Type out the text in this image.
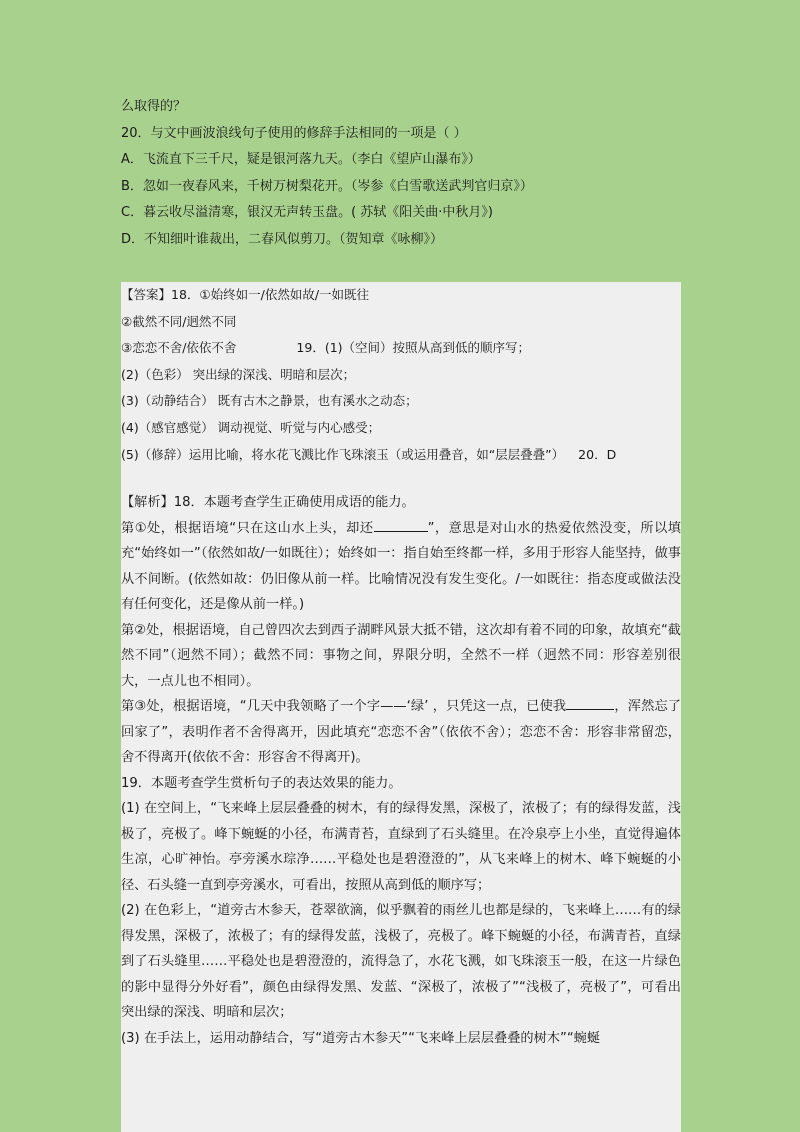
么取得的？

20．与文中画波浪线句子使用的修辞手法相同的一项是（ ）

A．飞流直下三千尺，疑是银河落九天。（李白《望庐山瀑布》）

B．忽如一夜春风来，千树万树梨花开。（岑参《白雪歌送武判官归京》）

C．暮云收尽溢清寒，银汉无声转玉盘。( 苏轼《阳关曲·中秋月》)

D．不知细叶谁裁出，二春风似剪刀。（贺知章《咏柳》）

【答案】18．①始终如一/依然如故/一如既往

②截然不同/迥然不同

③恋恋不舍/依依不舍	19．(1)（空间）按照从高到低的顺序写；

(2)（色彩） 突出绿的深浅、明暗和层次；

(3)（动静结合） 既有古木之静景，也有溪水之动态；

(4)（感官感觉） 调动视觉、听觉与内心感受；

(5)（修辞）运用比喻，将水花飞溅比作飞珠滚玉（或运用叠音，如“层层叠叠”） 20．D

【解析】18．本题考查学生正确使用成语的能力。

第①处，根据语境“只在这山水上头，却还	”，意思是对山水的热爱依然没变，所以填充“始终如一”（依然如故/一如既往）；始终如一：指自始至终都一样，多用于形容人能坚持，做事从不间断。(依然如故：仍旧像从前一样。比喻情况没有发生变化。/一如既往：指态度或做法没有任何变化，还是像从前一样。)

第②处，根据语境，自己曾四次去到西子湖畔风景大抵不错，这次却有着不同的印象，故填充“截然不同”（迥然不同）；截然不同：事物之间，界限分明，全然不一样（迥然不同：形容差别很大，一点儿也不相同）。

第③处，根据语境，“几天中我领略了一个字——‘绿’ ，只凭这一点，已使我	，浑然忘了回家了”，表明作者不舍得离开，因此填充“恋恋不舍”（依依不舍）；恋恋不舍：形容非常留恋，舍不得离开(依依不舍：形容舍不得离开)。

19．本题考查学生赏析句子的表达效果的能力。

(1) 在空间上，“飞来峰上层层叠叠的树木，有的绿得发黑，深极了，浓极了；有的绿得发蓝，浅极了，亮极了。峰下蜿蜒的小径，布满青苔，直绿到了石头缝里。在冷泉亭上小坐，直觉得遍体生凉，心旷神怡。亭旁溪水琮净……平稳处也是碧澄澄的”，从飞来峰上的树木、峰下蜿蜒的小径、石头缝一直到亭旁溪水，可看出，按照从高到低的顺序写；

(2) 在色彩上，“道旁古木参天，苍翠欲滴，似乎飘着的雨丝儿也都是绿的，飞来峰上……有的绿得发黑，深极了，浓极了；有的绿得发蓝，浅极了，亮极了。峰下蜿蜒的小径，布满青苔，直绿到了石头缝里……平稳处也是碧澄澄的，流得急了，水花飞溅，如飞珠滚玉一般，在这一片绿色的影中显得分外好看”，颜色由绿得发黑、发蓝、“深极了，浓极了”“浅极了，亮极了”，可看出突出绿的深浅、明暗和层次；

(3) 在手法上，运用动静结合，写“道旁古木参天”“飞来峰上层层叠叠的树木”“蜿蜒
